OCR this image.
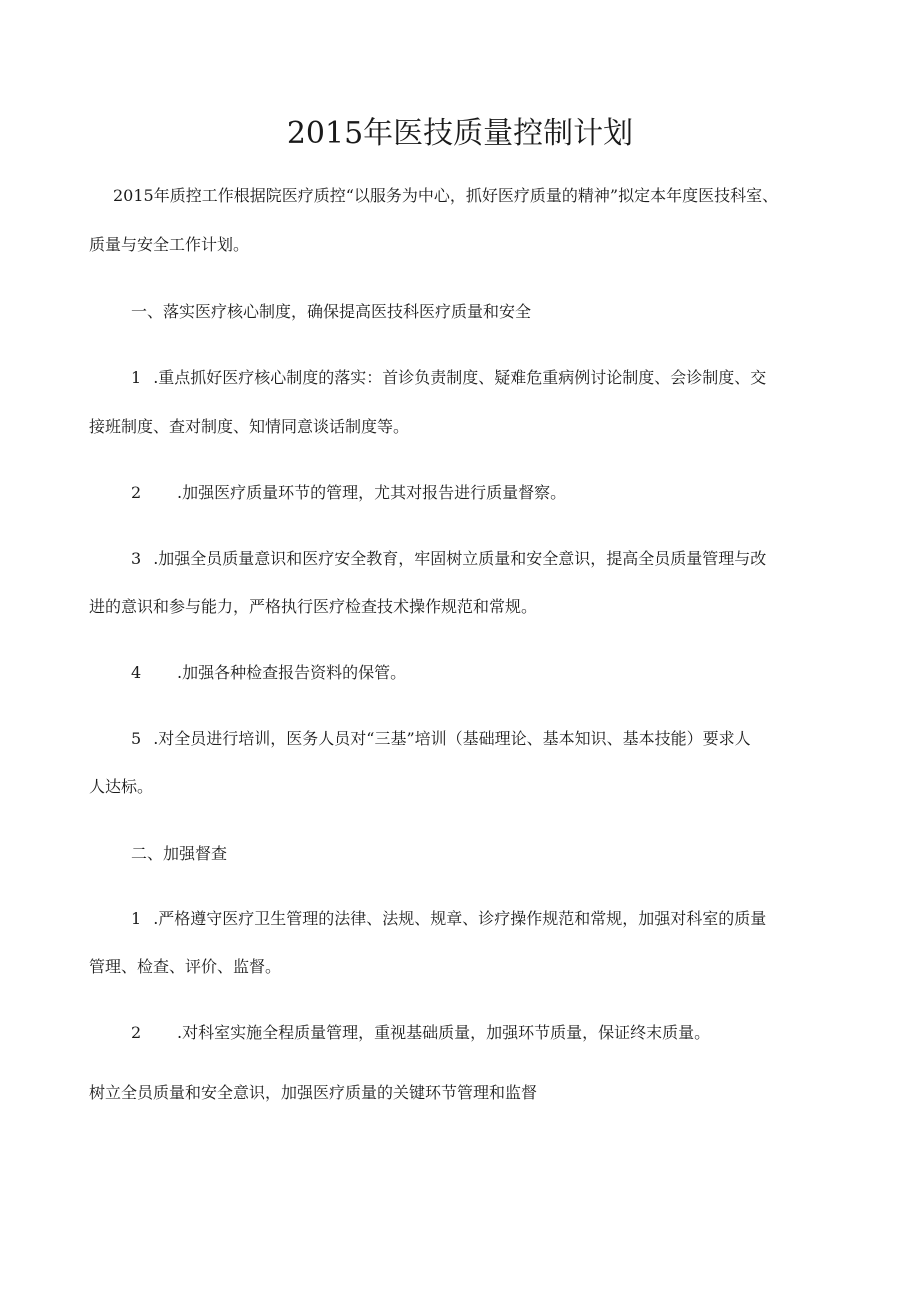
2015年医技质量控制计划
2015年质控工作根据院医疗质控“以服务为中心，抓好医疗质量的精神”拟定本年度医技科室、
质量与安全工作计划。
一、落实医疗核心制度，确保提高医技科医疗质量和安全
1 .重点抓好医疗核心制度的落实：首诊负责制度、疑难危重病例讨论制度、会诊制度、交
接班制度、查对制度、知情同意谈话制度等。
2 .加强医疗质量环节的管理，尤其对报告进行质量督察。
3 .加强全员质量意识和医疗安全教育，牢固树立质量和安全意识，提高全员质量管理与改
进的意识和参与能力，严格执行医疗检查技术操作规范和常规。
4 .加强各种检查报告资料的保管。
5 .对全员进行培训，医务人员对“三基”培训（基础理论、基本知识、基本技能）要求人
人达标。
二、加强督查
1 .严格遵守医疗卫生管理的法律、法规、规章、诊疗操作规范和常规，加强对科室的质量
管理、检查、评价、监督。
2 .对科室实施全程质量管理，重视基础质量，加强环节质量，保证终末质量。
树立全员质量和安全意识，加强医疗质量的关键环节管理和监督
